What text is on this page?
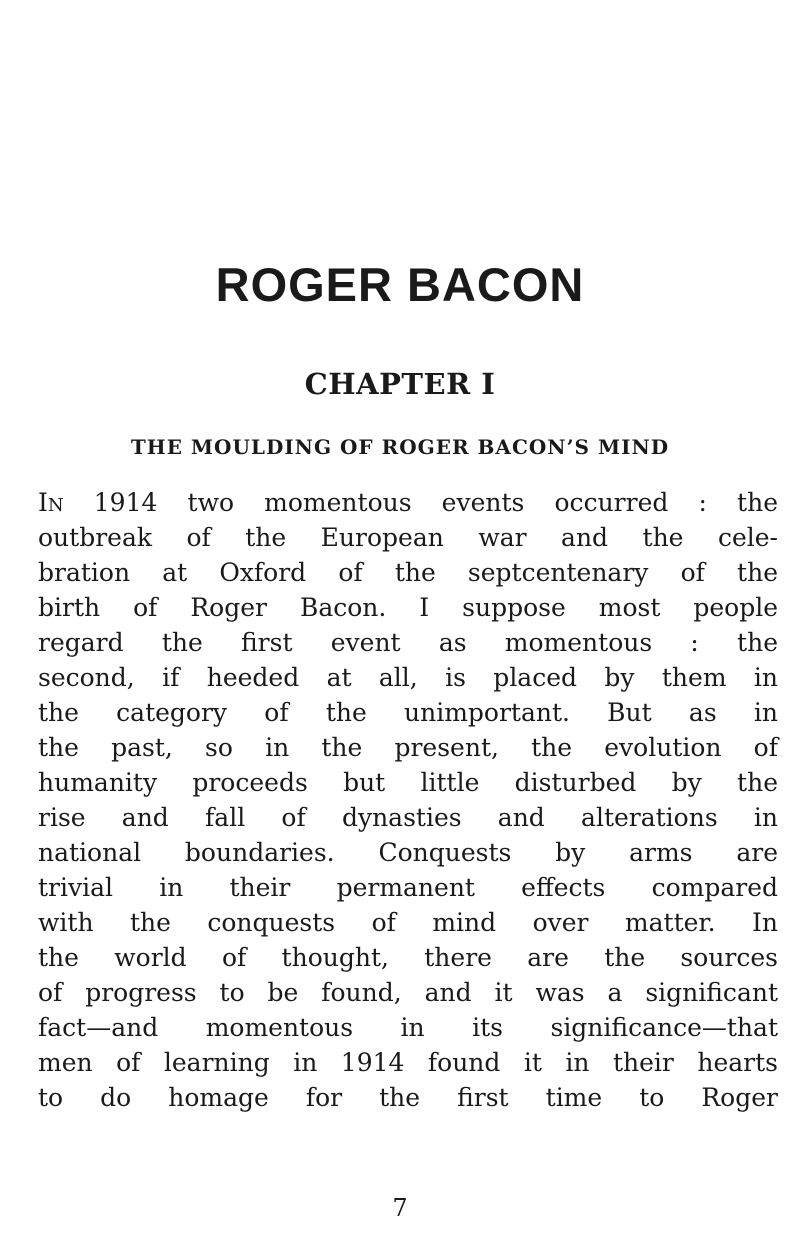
ROGER BACON
CHAPTER I
THE MOULDING OF ROGER BACON’S MIND
In 1914 two momentous events occurred : the
outbreak of the European war and the cele-
bration at Oxford of the septcentenary of the
birth of Roger Bacon. I suppose most people
regard the first event as momentous : the
second, if heeded at all, is placed by them in
the category of the unimportant. But as in
the past, so in the present, the evolution of
humanity proceeds but little disturbed by the
rise and fall of dynasties and alterations in
national boundaries. Conquests by arms are
trivial in their permanent effects compared
with the conquests of mind over matter. In
the world of thought, there are the sources
of progress to be found, and it was a significant
fact—and momentous in its significance—that
men of learning in 1914 found it in their hearts
to do homage for the first time to Roger
7
